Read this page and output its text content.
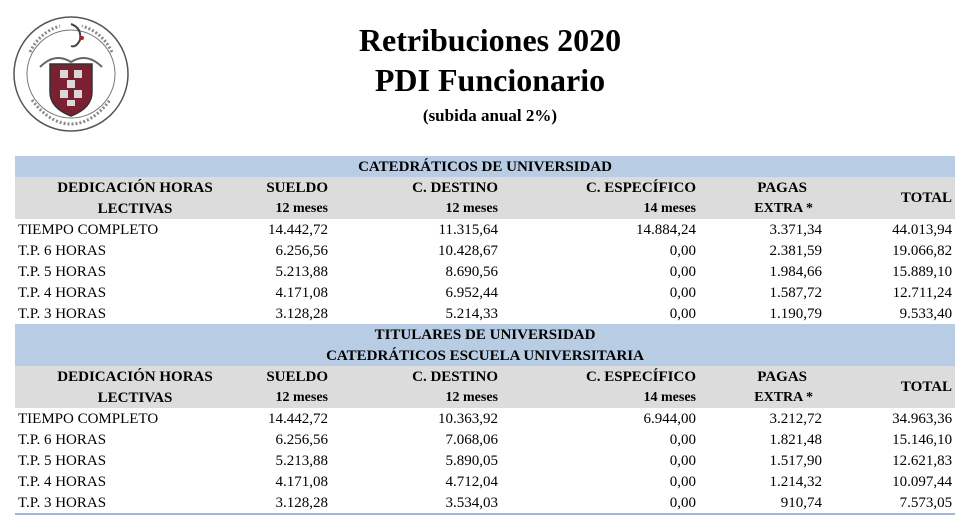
Retribuciones 2020
PDI Funcionario
(subida anual 2%)
CATEDRÁTICOS DE UNIVERSIDAD					
DEDICACIÓN HORAS	SUELDO	C. DESTINO	C. ESPECÍFICO	PAGAS	TOTAL
LECTIVAS	12 meses	12 meses	14 meses	EXTRA *	
TIEMPO COMPLETO	14.442,72	11.315,64	14.884,24	3.371,34	44.013,94
T.P. 6 HORAS	6.256,56	10.428,67	0,00	2.381,59	19.066,82
T.P. 5 HORAS	5.213,88	8.690,56	0,00	1.984,66	15.889,10
T.P. 4 HORAS	4.171,08	6.952,44	0,00	1.587,72	12.711,24
T.P. 3 HORAS	3.128,28	5.214,33	0,00	1.190,79	9.533,40
TITULARES DE UNIVERSIDAD					
CATEDRÁTICOS ESCUELA UNIVERSITARIA					
DEDICACIÓN HORAS	SUELDO	C. DESTINO	C. ESPECÍFICO	PAGAS	TOTAL
LECTIVAS	12 meses	12 meses	14 meses	EXTRA *	
TIEMPO COMPLETO	14.442,72	10.363,92	6.944,00	3.212,72	34.963,36
T.P. 6 HORAS	6.256,56	7.068,06	0,00	1.821,48	15.146,10
T.P. 5 HORAS	5.213,88	5.890,05	0,00	1.517,90	12.621,83
T.P. 4 HORAS	4.171,08	4.712,04	0,00	1.214,32	10.097,44
T.P. 3 HORAS	3.128,28	3.534,03	0,00	910,74	7.573,05
